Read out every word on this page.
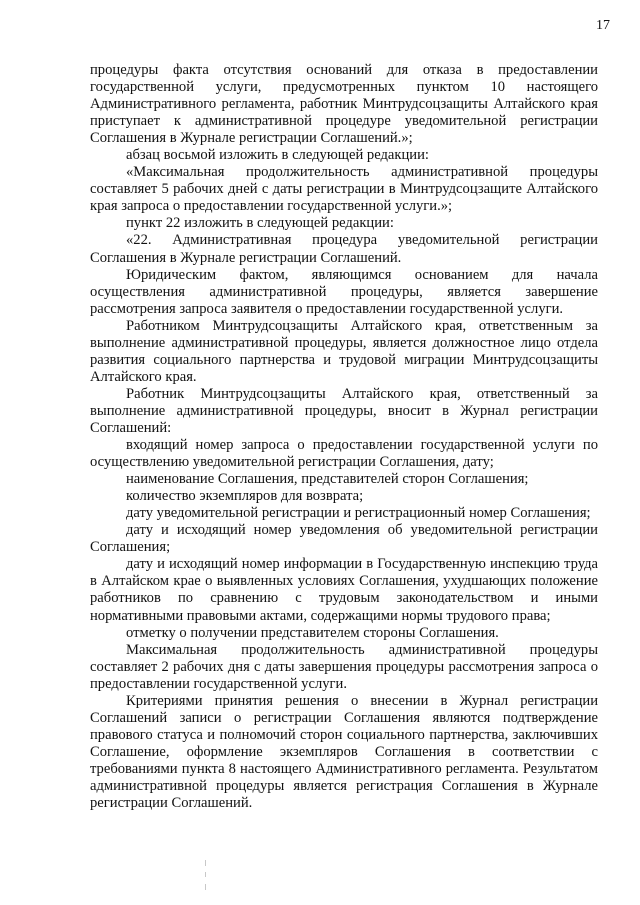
17

процедуры факта отсутствия оснований для отказа в предоставлении государственной услуги, предусмотренных пунктом 10 настоящего Административного регламента, работник Минтрудсоцзащиты Алтайского края приступает к административной процедуре уведомительной регистрации Соглашения в Журнале регистрации Соглашений.»;

абзац восьмой изложить в следующей редакции:

«Максимальная продолжительность административной процедуры составляет 5 рабочих дней с даты регистрации в Минтрудсоцзащите Алтайского края запроса о предоставлении государственной услуги.»;

пункт 22 изложить в следующей редакции:

«22. Административная процедура уведомительной регистрации Соглашения в Журнале регистрации Соглашений.

Юридическим фактом, являющимся основанием для начала осуществления административной процедуры, является завершение рассмотрения запроса заявителя о предоставлении государственной услуги.

Работником Минтрудсоцзащиты Алтайского края, ответственным за выполнение административной процедуры, является должностное лицо отдела развития социального партнерства и трудовой миграции Минтрудсоцзащиты Алтайского края.

Работник Минтрудсоцзащиты Алтайского края, ответственный за выполнение административной процедуры, вносит в Журнал регистрации Соглашений:

входящий номер запроса о предоставлении государственной услуги по осуществлению уведомительной регистрации Соглашения, дату;

наименование Соглашения, представителей сторон Соглашения;

количество экземпляров для возврата;

дату уведомительной регистрации и регистрационный номер Соглашения;

дату и исходящий номер уведомления об уведомительной регистрации Соглашения;

дату и исходящий номер информации в Государственную инспекцию труда в Алтайском крае о выявленных условиях Соглашения, ухудшающих положение работников по сравнению с трудовым законодательством и иными нормативными правовыми актами, содержащими нормы трудового права;

отметку о получении представителем стороны Соглашения.

Максимальная продолжительность административной процедуры составляет 2 рабочих дня с даты завершения процедуры рассмотрения запроса о предоставлении государственной услуги.

Критериями принятия решения о внесении в Журнал регистрации Соглашений записи о регистрации Соглашения являются подтверждение правового статуса и полномочий сторон социального партнерства, заключивших Соглашение, оформление экземпляров Соглашения в соответствии с требованиями пункта 8 настоящего Административного регламента. Результатом административной процедуры является регистрация Соглашения в Журнале регистрации Соглашений.
